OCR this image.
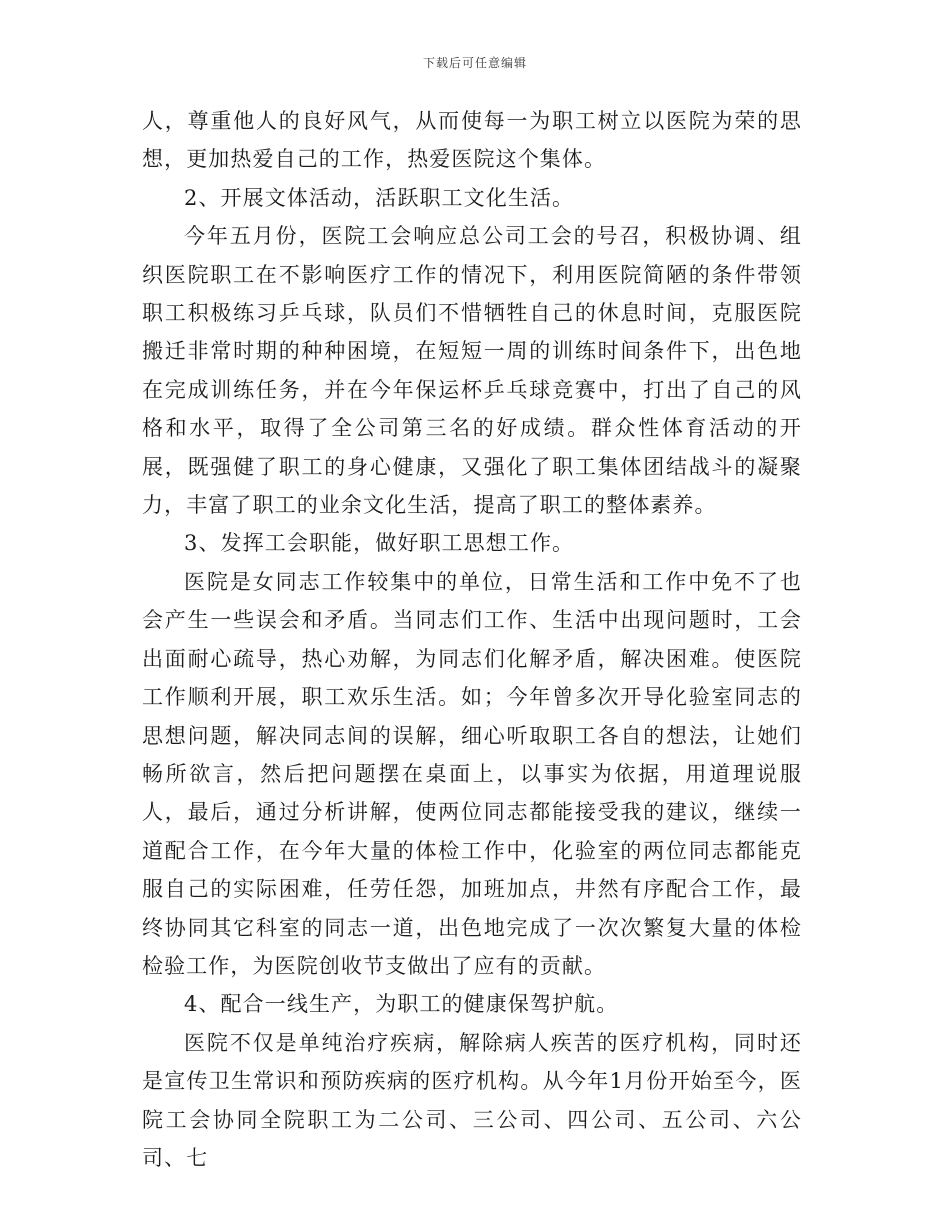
下载后可任意编辑

人，尊重他人的良好风气，从而使每一为职工树立以医院为荣的思想，更加热爱自己的工作，热爱医院这个集体。

2、开展文体活动，活跃职工文化生活。

今年五月份，医院工会响应总公司工会的号召，积极协调、组织医院职工在不影响医疗工作的情况下，利用医院简陋的条件带领职工积极练习乒乓球，队员们不惜牺牲自己的休息时间，克服医院搬迁非常时期的种种困境，在短短一周的训练时间条件下，出色地在完成训练任务，并在今年保运杯乒乓球竞赛中，打出了自己的风格和水平，取得了全公司第三名的好成绩。群众性体育活动的开展，既强健了职工的身心健康，又强化了职工集体团结战斗的凝聚力，丰富了职工的业余文化生活，提高了职工的整体素养。

3、发挥工会职能，做好职工思想工作。

医院是女同志工作较集中的单位，日常生活和工作中免不了也会产生一些误会和矛盾。当同志们工作、生活中出现问题时，工会出面耐心疏导，热心劝解，为同志们化解矛盾，解决困难。使医院工作顺利开展，职工欢乐生活。如；今年曾多次开导化验室同志的思想问题，解决同志间的误解，细心听取职工各自的想法，让她们畅所欲言，然后把问题摆在桌面上，以事实为依据，用道理说服人，最后，通过分析讲解，使两位同志都能接受我的建议，继续一道配合工作，在今年大量的体检工作中，化验室的两位同志都能克服自己的实际困难，任劳任怨，加班加点，井然有序配合工作，最终协同其它科室的同志一道，出色地完成了一次次繁复大量的体检检验工作，为医院创收节支做出了应有的贡献。

4、配合一线生产，为职工的健康保驾护航。

医院不仅是单纯治疗疾病，解除病人疾苦的医疗机构，同时还是宣传卫生常识和预防疾病的医疗机构。从今年1月份开始至今，医院工会协同全院职工为二公司、三公司、四公司、五公司、六公司、七
